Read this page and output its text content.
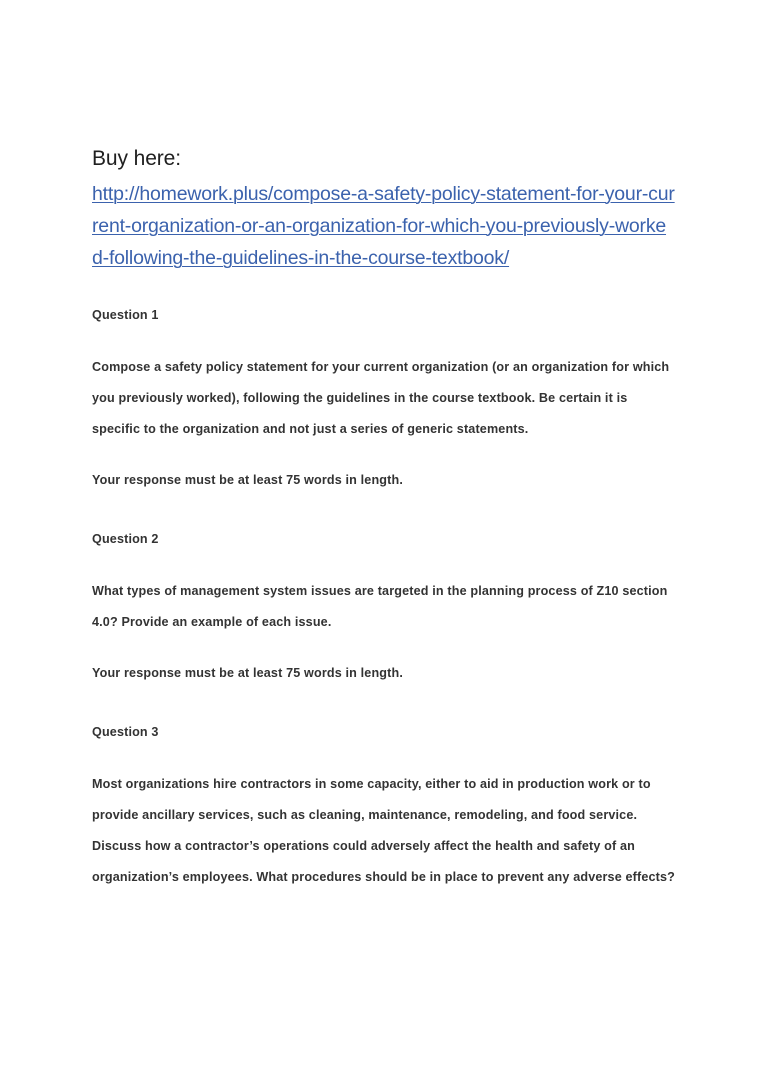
Buy here:

http://homework.plus/compose-a-safety-policy-statement-for-your-current-organization-or-an-organization-for-which-you-previously-worked-following-the-guidelines-in-the-course-textbook/

Question 1

Compose a safety policy statement for your current organization (or an organization for which you previously worked), following the guidelines in the course textbook. Be certain it is specific to the organization and not just a series of generic statements.

Your response must be at least 75 words in length.

Question 2

What types of management system issues are targeted in the planning process of Z10 section 4.0? Provide an example of each issue.

Your response must be at least 75 words in length.

Question 3

Most organizations hire contractors in some capacity, either to aid in production work or to provide ancillary services, such as cleaning, maintenance, remodeling, and food service. Discuss how a contractor’s operations could adversely affect the health and safety of an organization’s employees. What procedures should be in place to prevent any adverse effects?
